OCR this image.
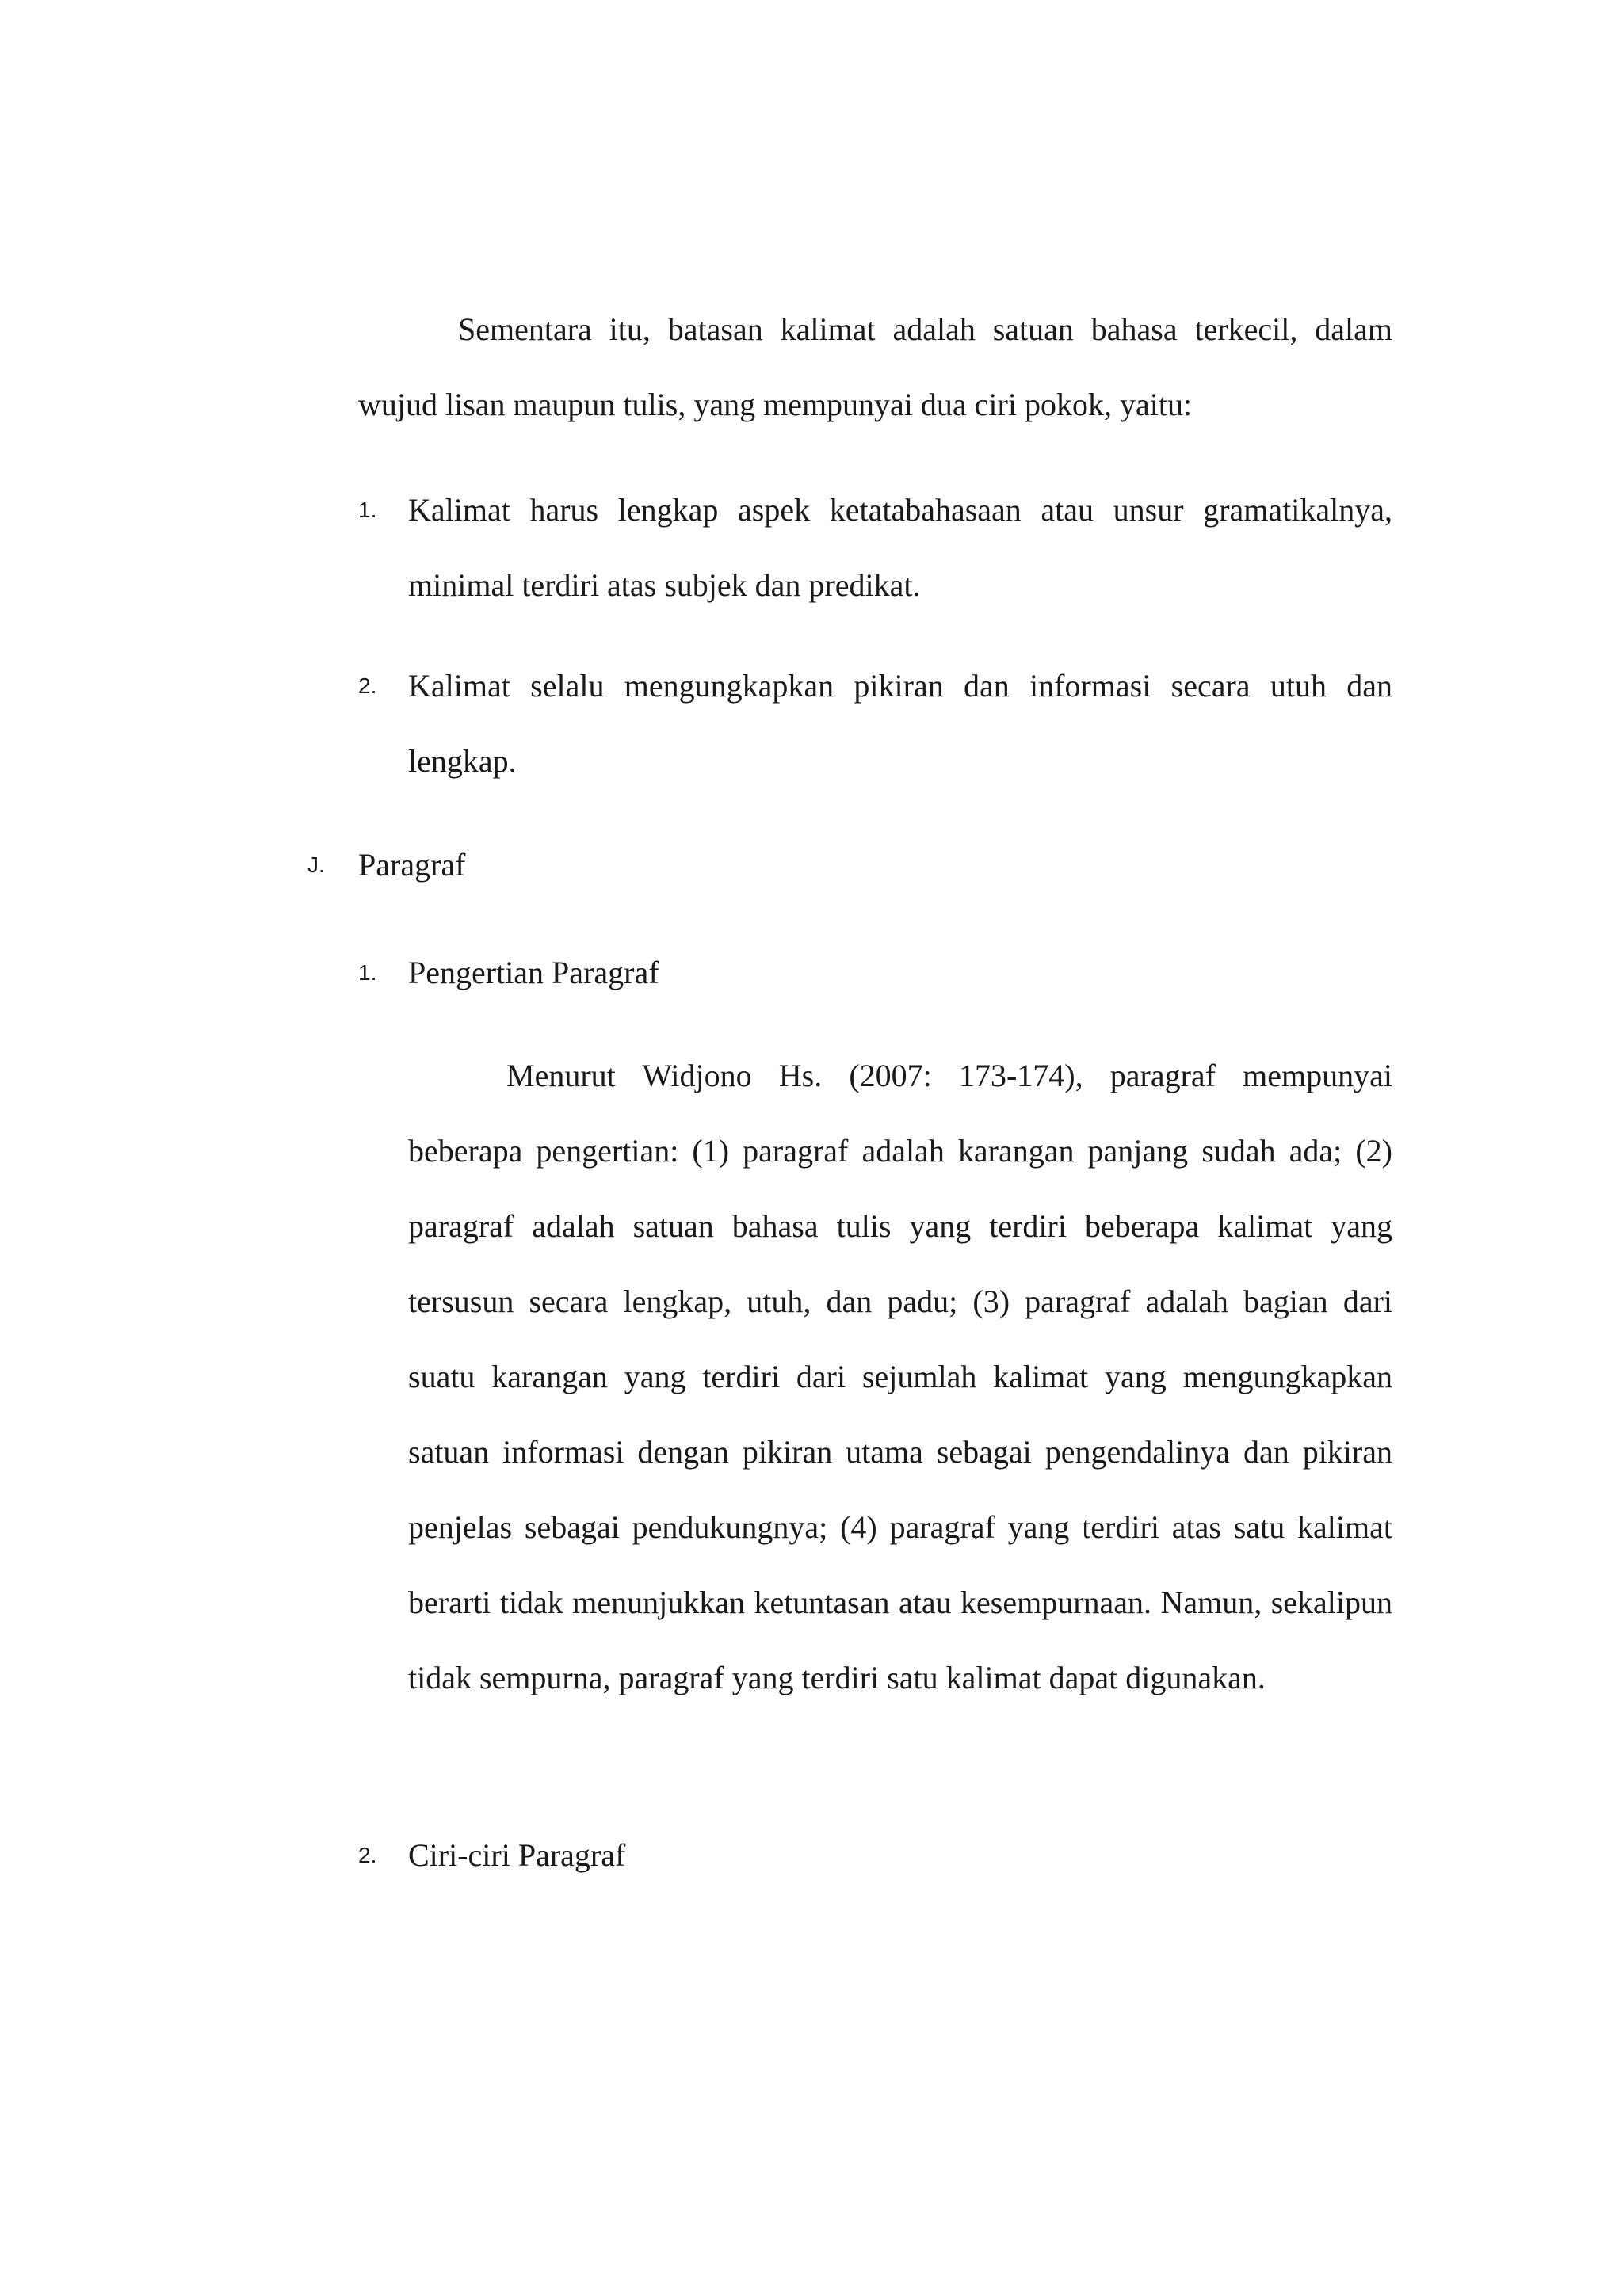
Sementara itu, batasan kalimat adalah satuan bahasa terkecil, dalam wujud lisan maupun tulis, yang mempunyai dua ciri pokok, yaitu:
1. Kalimat harus lengkap aspek ketatabahasaan atau unsur gramatikalnya, minimal terdiri atas subjek dan predikat.
2. Kalimat selalu mengungkapkan pikiran dan informasi secara utuh dan lengkap.
J. Paragraf
1. Pengertian Paragraf
Menurut Widjono Hs. (2007: 173-174), paragraf mempunyai beberapa pengertian: (1) paragraf adalah karangan panjang sudah ada; (2) paragraf adalah satuan bahasa tulis yang terdiri beberapa kalimat yang tersusun secara lengkap, utuh, dan padu; (3) paragraf adalah bagian dari suatu karangan yang terdiri dari sejumlah kalimat yang mengungkapkan satuan informasi dengan pikiran utama sebagai pengendalinya dan pikiran penjelas sebagai pendukungnya; (4) paragraf yang terdiri atas satu kalimat berarti tidak menunjukkan ketuntasan atau kesempurnaan. Namun, sekalipun tidak sempurna, paragraf yang terdiri satu kalimat dapat digunakan.
2. Ciri-ciri Paragraf
